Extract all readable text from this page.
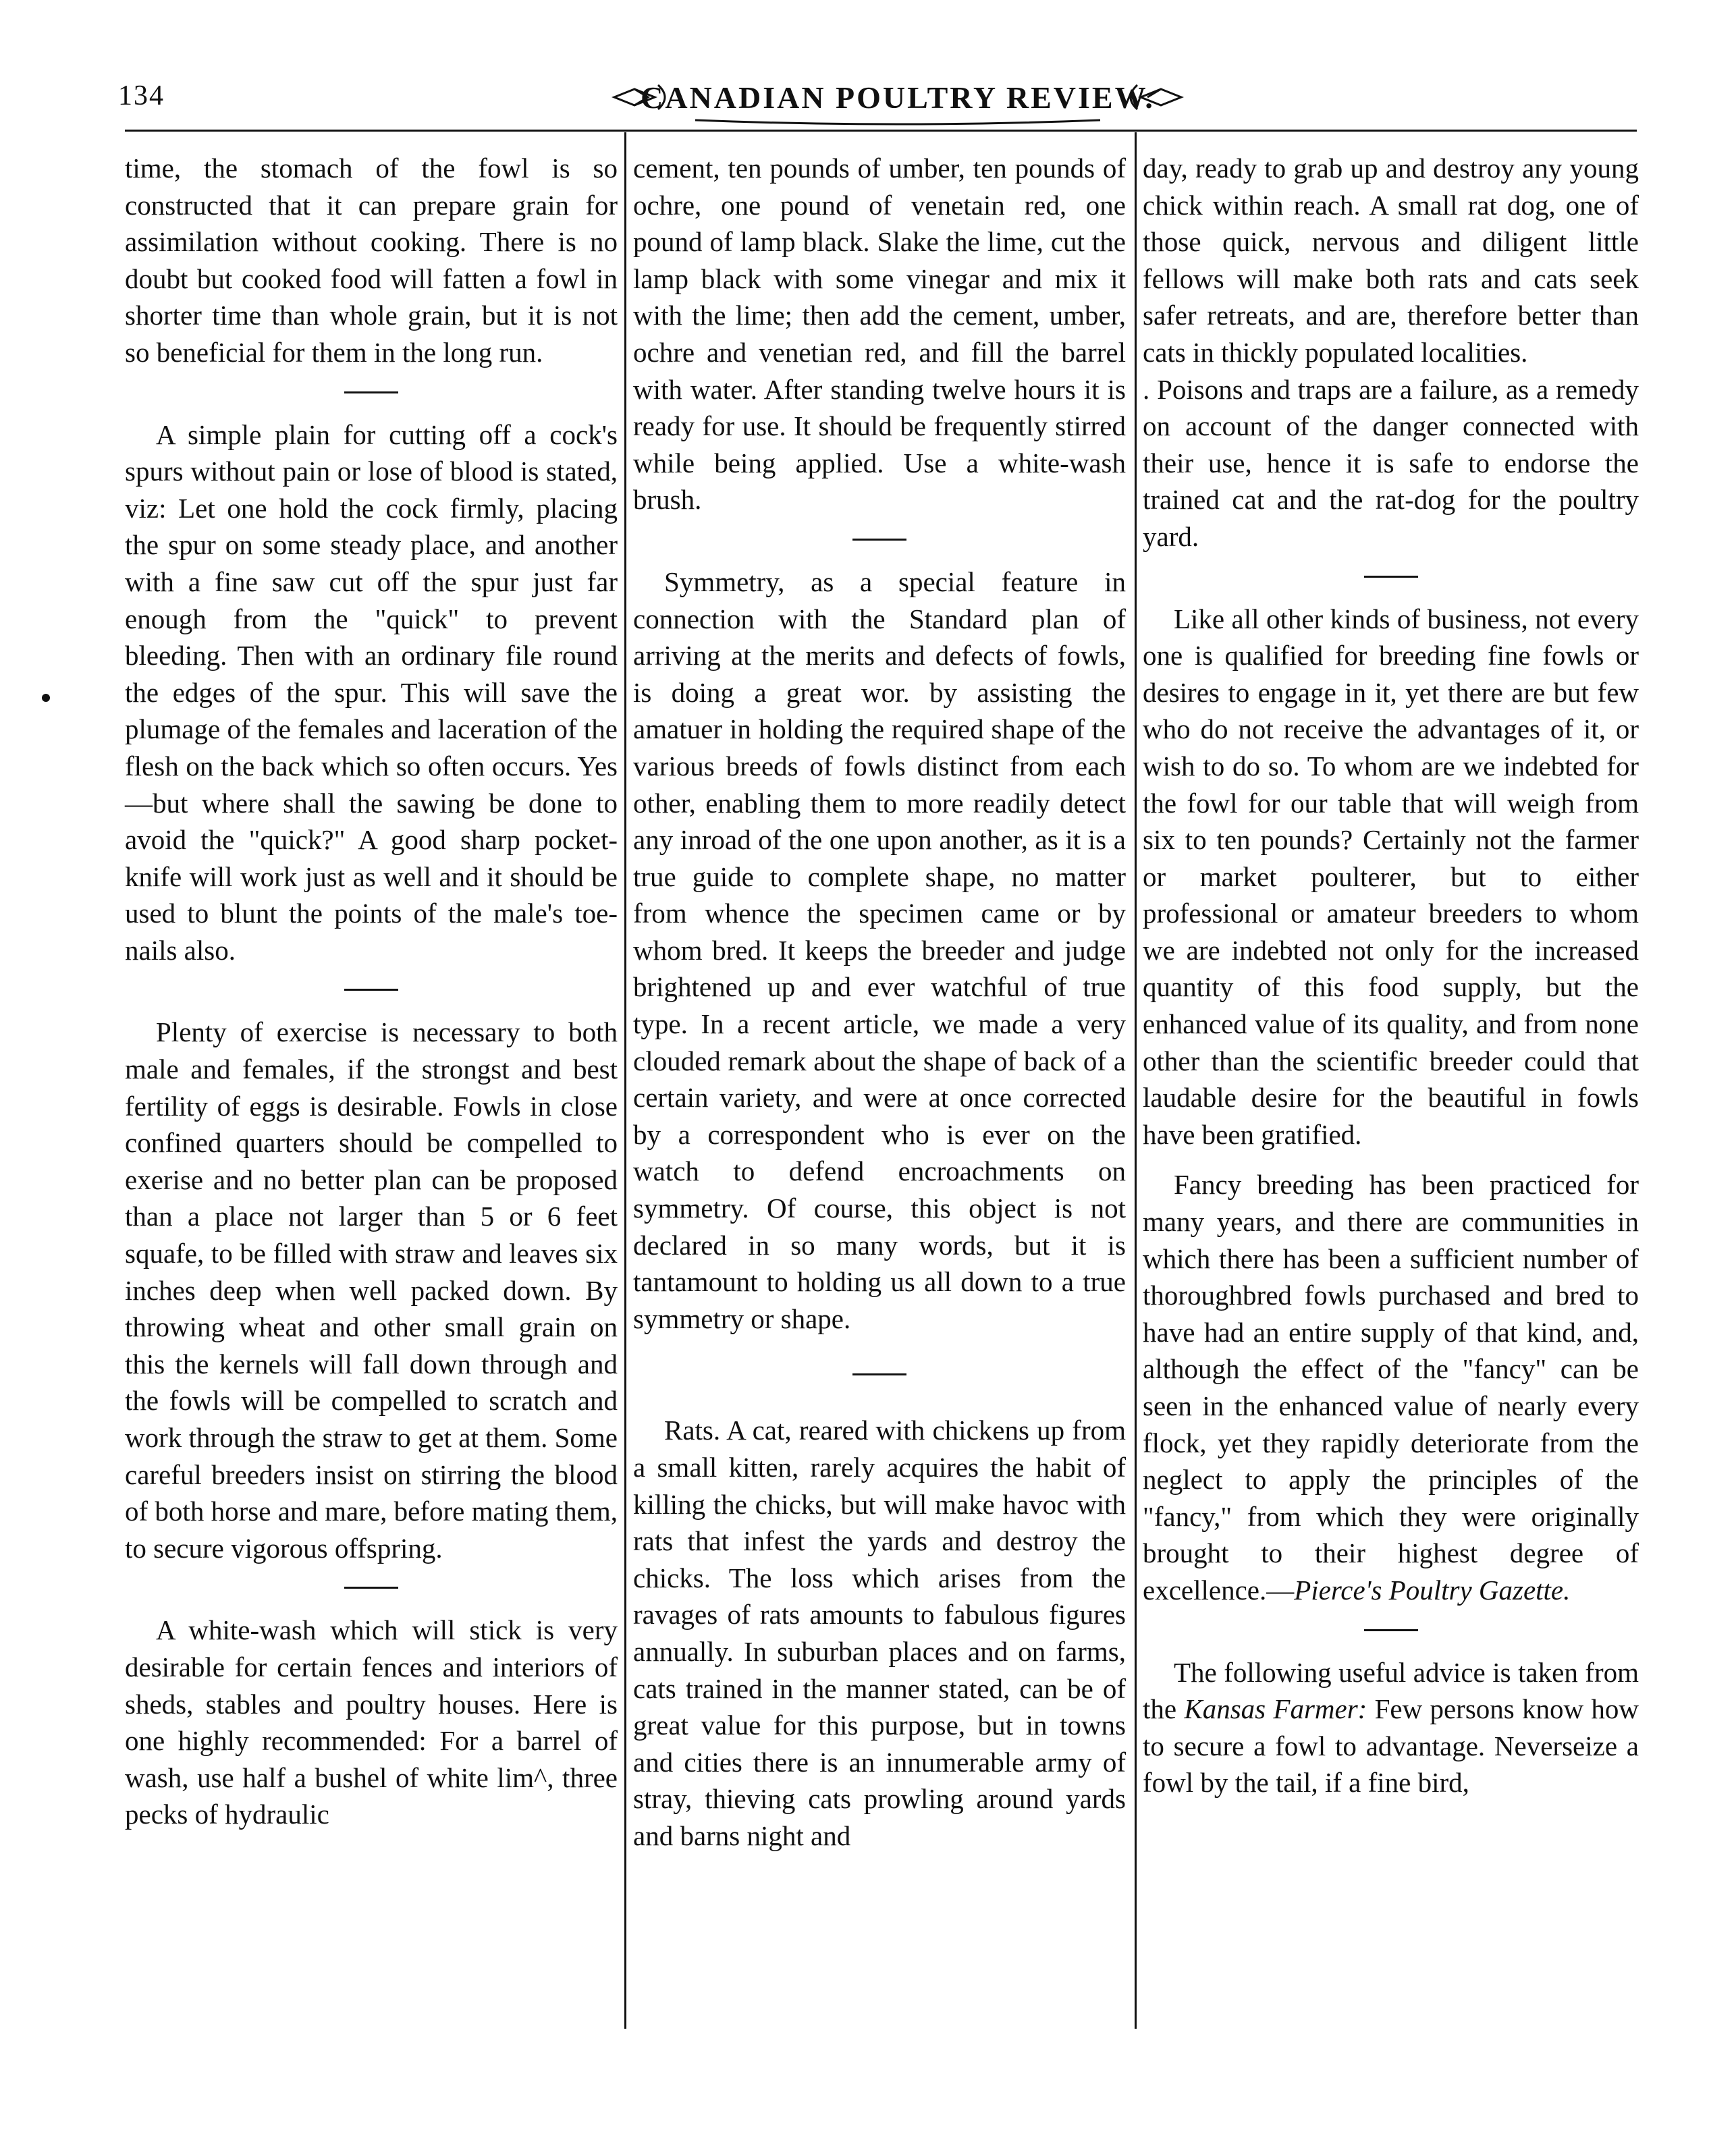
134	CANADIAN POULTRY REVIEW.

time, the stomach of the fowl is so constructed that it can prepare grain for assimilation without cooking. There is no doubt but cooked food will fatten a fowl in shorter time than whole grain, but it is not so beneficial for them in the long run.

A simple plain for cutting off a cock's spurs without pain or lose of blood is stated, viz: Let one hold the cock firmly, placing the spur on some steady place, and another with a fine saw cut off the spur just far enough from the "quick" to prevent bleeding. Then with an ordinary file round the edges of the spur. This will save the plumage of the females and laceration of the flesh on the back which so often occurs. Yes—but where shall the sawing be done to avoid the "quick?" A good sharp pocket-knife will work just as well and it should be used to blunt the points of the male's toe-nails also.

Plenty of exercise is necessary to both male and females, if the strongst and best fertility of eggs is desirable. Fowls in close confined quarters should be compelled to exerise and no better plan can be proposed than a place not larger than 5 or 6 feet squafe, to be filled with straw and leaves six inches deep when well packed down. By throwing wheat and other small grain on this the kernels will fall down through and the fowls will be compelled to scratch and work through the straw to get at them. Some careful breeders insist on stirring the blood of both horse and mare, before mating them, to secure vigorous offspring.

A white-wash which will stick is very desirable for certain fences and interiors of sheds, stables and poultry houses. Here is one highly recommended: For a barrel of wash, use half a bushel of white lim^, three pecks of hydraulic

cement, ten pounds of umber, ten pounds of ochre, one pound of venetain red, one pound of lamp black. Slake the lime, cut the lamp black with some vinegar and mix it with the lime; then add the cement, umber, ochre and venetian red, and fill the barrel with water. After standing twelve hours it is ready for use. It should be frequently stirred while being applied. Use a white-wash brush.

Symmetry, as a special feature in connection with the Standard plan of arriving at the merits and defects of fowls, is doing a great wor. by assisting the amatuer in holding the required shape of the various breeds of fowls distinct from each other, enabling them to more readily detect any inroad of the one upon another, as it is a true guide to complete shape, no matter from whence the specimen came or by whom bred. It keeps the breeder and judge brightened up and ever watchful of true type. In a recent article, we made a very clouded remark about the shape of back of a certain variety, and were at once corrected by a correspondent who is ever on the watch to defend encroachments on symmetry. Of course, this object is not declared in so many words, but it is tantamount to holding us all down to a true symmetry or shape.

Rats. A cat, reared with chickens up from a small kitten, rarely acquires the habit of killing the chicks, but will make havoc with rats that infest the yards and destroy the chicks. The loss which arises from the ravages of rats amounts to fabulous figures annually. In suburban places and on farms, cats trained in the manner stated, can be of great value for this purpose, but in towns and cities there is an innumerable army of stray, thieving cats prowling around yards and barns night and

day, ready to grab up and destroy any young chick within reach. A small rat dog, one of those quick, nervous and diligent little fellows will make both rats and cats seek safer retreats, and are, therefore better than cats in thickly populated localities.

. Poisons and traps are a failure, as a remedy on account of the danger connected with their use, hence it is safe to endorse the trained cat and the rat-dog for the poultry yard.

Like all other kinds of business, not every one is qualified for breeding fine fowls or desires to engage in it, yet there are but few who do not receive the advantages of it, or wish to do so. To whom are we indebted for the fowl for our table that will weigh from six to ten pounds? Certainly not the farmer or market poulterer, but to either professional or amateur breeders to whom we are indebted not only for the increased quantity of this food supply, but the enhanced value of its quality, and from none other than the scientific breeder could that laudable desire for the beautiful in fowls have been gratified.

Fancy breeding has been practiced for many years, and there are communities in which there has been a sufficient number of thoroughbred fowls purchased and bred to have had an entire supply of that kind, and, although the effect of the "fancy" can be seen in the enhanced value of nearly every flock, yet they rapidly deteriorate from the neglect to apply the principles of the "fancy," from which they were originally brought to their highest degree of excellence.—Pierce's Poultry Gazette.

The following useful advice is taken from the Kansas Farmer: Few persons know how to secure a fowl to advantage. Neverseize a fowl by the tail, if a fine bird,
